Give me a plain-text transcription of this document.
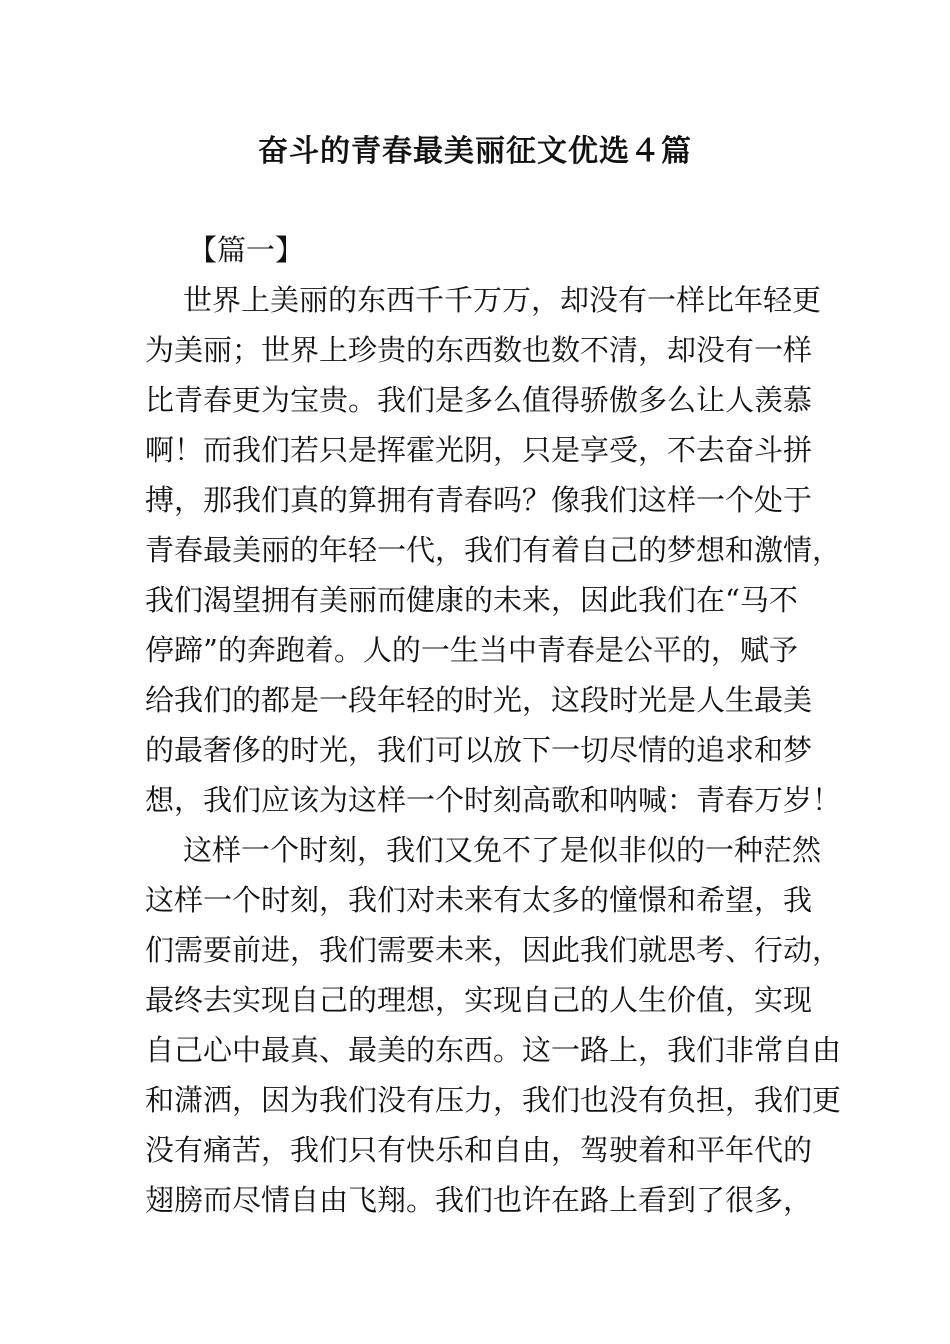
奋斗的青春最美丽征文优选４篇
【篇一】
世界上美丽的东西千千万万，却没有一样比年轻更
为美丽；世界上珍贵的东西数也数不清，却没有一样
比青春更为宝贵。我们是多么值得骄傲多么让人羡慕
啊！而我们若只是挥霍光阴，只是享受，不去奋斗拼
搏，那我们真的算拥有青春吗？像我们这样一个处于
青春最美丽的年轻一代，我们有着自己的梦想和激情，
我们渴望拥有美丽而健康的未来，因此我们在“马不
停蹄”的奔跑着。人的一生当中青春是公平的，赋予
给我们的都是一段年轻的时光，这段时光是人生最美
的最奢侈的时光，我们可以放下一切尽情的追求和梦
想，我们应该为这样一个时刻高歌和呐喊：青春万岁！
这样一个时刻，我们又免不了是似非似的一种茫然
这样一个时刻，我们对未来有太多的憧憬和希望，我
们需要前进，我们需要未来，因此我们就思考、行动，
最终去实现自己的理想，实现自己的人生价值，实现
自己心中最真、最美的东西。这一路上，我们非常自由
和潇洒，因为我们没有压力，我们也没有负担，我们更
没有痛苦，我们只有快乐和自由，驾驶着和平年代的
翅膀而尽情自由飞翔。我们也许在路上看到了很多，
